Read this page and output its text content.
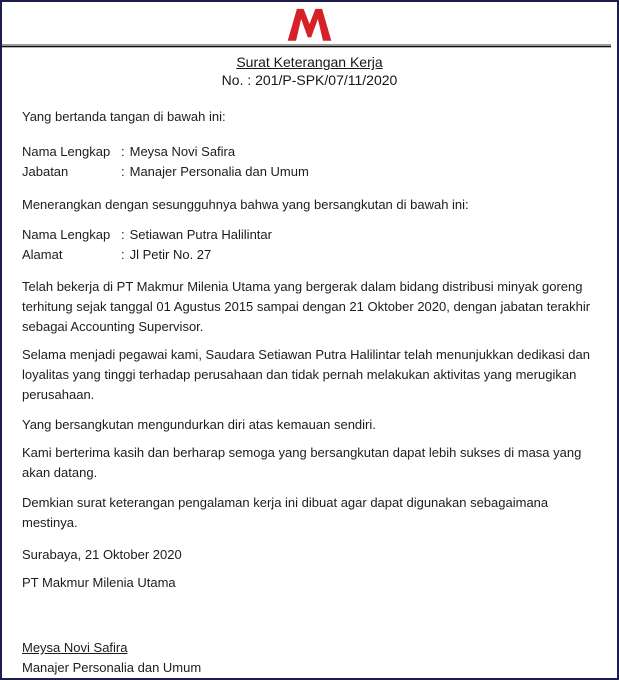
Surat Keterangan Kerja
No. : 201/P-SPK/07/11/2020

Yang bertanda tangan di bawah ini:

Nama Lengkap : Meysa Novi Safira
Jabatan	: Manajer Personalia dan Umum

Menerangkan dengan sesungguhnya bahwa yang bersangkutan di bawah ini:

Nama Lengkap : Setiawan Putra Halilintar
Alamat	: Jl Petir No. 27

Telah bekerja di PT Makmur Milenia Utama yang bergerak dalam bidang distribusi minyak goreng terhitung sejak tanggal 01 Agustus 2015 sampai dengan 21 Oktober 2020, dengan jabatan terakhir sebagai Accounting Supervisor.

Selama menjadi pegawai kami, Saudara Setiawan Putra Halilintar telah menunjukkan dedikasi dan loyalitas yang tinggi terhadap perusahaan dan tidak pernah melakukan aktivitas yang merugikan perusahaan.

Yang bersangkutan mengundurkan diri atas kemauan sendiri.

Kami berterima kasih dan berharap semoga yang bersangkutan dapat lebih sukses di masa yang akan datang.

Demkian surat keterangan pengalaman kerja ini dibuat agar dapat digunakan sebagaimana mestinya.

Surabaya, 21 Oktober 2020

PT Makmur Milenia Utama

Meysa Novi Safira
Manajer Personalia dan Umum
